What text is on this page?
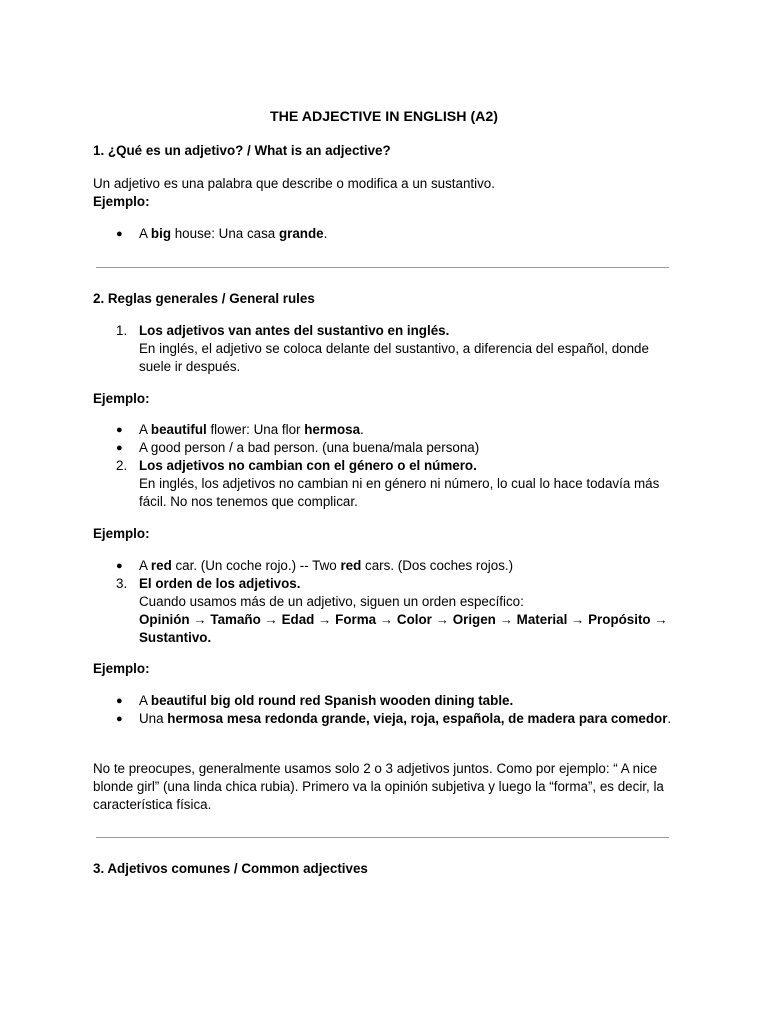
THE ADJECTIVE IN ENGLISH (A2)
1. ¿Qué es un adjetivo? / What is an adjective?
Un adjetivo es una palabra que describe o modifica a un sustantivo.
Ejemplo:
● A big house: Una casa grande.
2. Reglas generales / General rules
1. Los adjetivos van antes del sustantivo en inglés.
En inglés, el adjetivo se coloca delante del sustantivo, a diferencia del español, donde suele ir después.
Ejemplo:
● A beautiful flower: Una flor hermosa.
● A good person / a bad person. (una buena/mala persona)
2. Los adjetivos no cambian con el género o el número.
En inglés, los adjetivos no cambian ni en género ni número, lo cual lo hace todavía más fácil. No nos tenemos que complicar.
Ejemplo:
● A red car. (Un coche rojo.) -- Two red cars. (Dos coches rojos.)
3. El orden de los adjetivos.
Cuando usamos más de un adjetivo, siguen un orden específico:
Opinión → Tamaño → Edad → Forma → Color → Origen → Material → Propósito → Sustantivo.
Ejemplo:
● A beautiful big old round red Spanish wooden dining table.
● Una hermosa mesa redonda grande, vieja, roja, española, de madera para comedor.
No te preocupes, generalmente usamos solo 2 o 3 adjetivos juntos. Como por ejemplo: “ A nice blonde girl” (una linda chica rubia). Primero va la opinión subjetiva y luego la “forma”, es decir, la característica física.
3. Adjetivos comunes / Common adjectives
